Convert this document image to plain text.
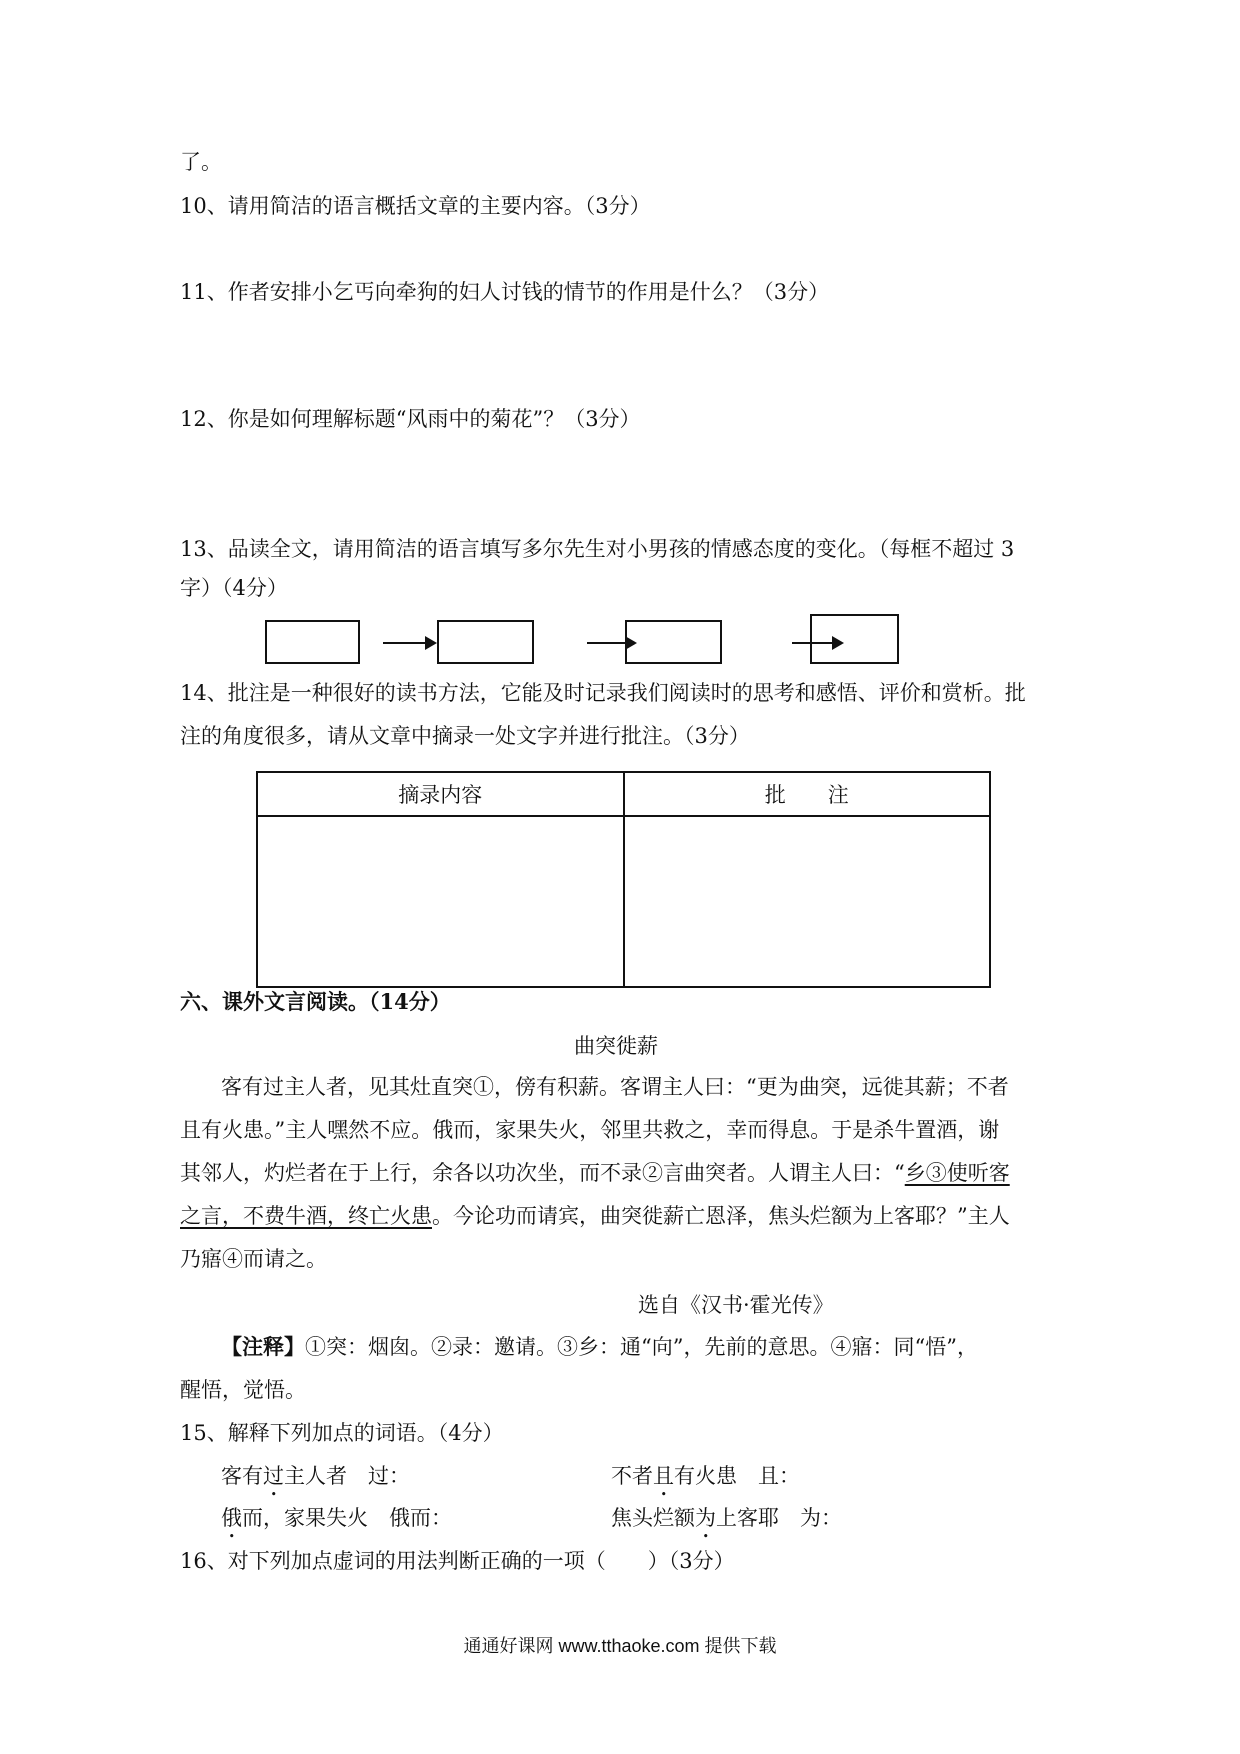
了。
10、请用简洁的语言概括文章的主要内容。（3分）
11、作者安排小乞丐向牵狗的妇人讨钱的情节的作用是什么？（3分）
12、你是如何理解标题“风雨中的菊花”？（3分）
13、品读全文，请用简洁的语言填写多尔先生对小男孩的情感态度的变化。（每框不超过 3
字）（4分）
14、批注是一种很好的读书方法，它能及时记录我们阅读时的思考和感悟、评价和赏析。批
注的角度很多，请从文章中摘录一处文字并进行批注。（3分）
摘录内容	批　　注

六、课外文言阅读。（14分）
曲突徙薪
客有过主人者，见其灶直突①，傍有积薪。客谓主人曰：“更为曲突，远徙其薪；不者
且有火患。”主人嘿然不应。俄而，家果失火，邻里共救之，幸而得息。于是杀牛置酒，谢
其邻人，灼烂者在于上行，余各以功次坐，而不录②言曲突者。人谓主人曰：“乡③使听客
之言，不费牛酒，终亡火患。今论功而请宾，曲突徙薪亡恩泽，焦头烂额为上客耶？”主人
乃寤④而请之。
选自《汉书·霍光传》
【注释】①突：烟囱。②录：邀请。③乡：通“向”，先前的意思。④寤：同“悟”，
醒悟，觉悟。
15、解释下列加点的词语。（4分）
客有过主人者　过：	不者且有火患　且：
俄而，家果失火　俄而：	焦头烂额为上客耶　为：
16、对下列加点虚词的用法判断正确的一项（　　）（3分）
通通好课网 www.tthaoke.com 提供下载
